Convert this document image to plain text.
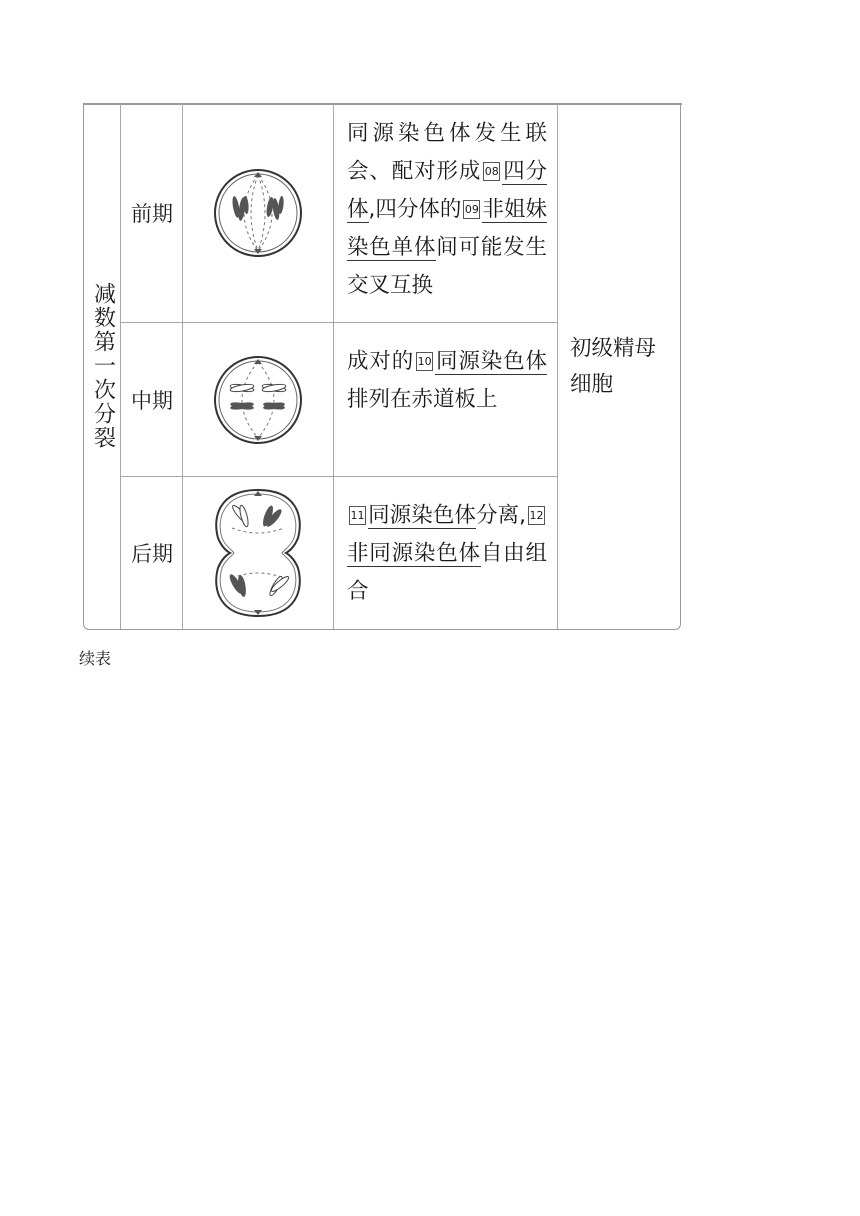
减数第一次分裂
前期
同源染色体发生联会、配对形成 08 四分体,四分体的 09 非姐妹染色单体间可能发生交叉互换
中期
成对的 10 同源染色体排列在赤道板上
后期
11 同源染色体分离, 12非同源染色体自由组合
初级精母细胞
续表
